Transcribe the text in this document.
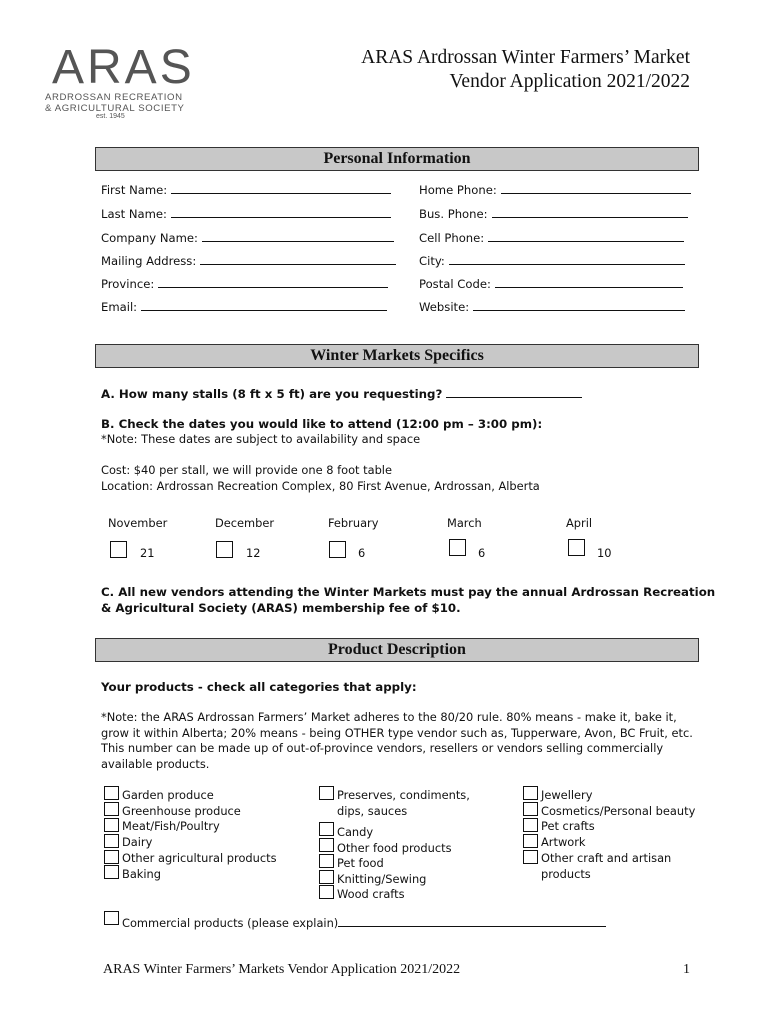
ARAS
ARDROSSAN RECREATION
& AGRICULTURAL SOCIETY
est. 1945
ARAS Ardrossan Winter Farmers’ Market
Vendor Application 2021/2022
Personal Information
First Name:
Last Name:
Company Name:
Mailing Address:
Province:
Email:
Home Phone:
Bus. Phone:
Cell Phone:
City:
Postal Code:
Website:
Winter Markets Specifics
A. How many stalls (8 ft x 5 ft) are you requesting?
B. Check the dates you would like to attend (12:00 pm – 3:00 pm):
*Note: These dates are subject to availability and space
Cost: $40 per stall, we will provide one 8 foot table
Location: Ardrossan Recreation Complex, 80 First Avenue, Ardrossan, Alberta
November	December	February	March	April
21	12	6	6	10
C. All new vendors attending the Winter Markets must pay the annual Ardrossan Recreation
& Agricultural Society (ARAS) membership fee of $10.
Product Description
Your products - check all categories that apply:
*Note: the ARAS Ardrossan Farmers’ Market adheres to the 80/20 rule. 80% means - make it, bake it,
grow it within Alberta; 20% means - being OTHER type vendor such as, Tupperware, Avon, BC Fruit, etc.
This number can be made up of out-of-province vendors, resellers or vendors selling commercially
available products.
Garden produce
Greenhouse produce
Meat/Fish/Poultry
Dairy
Other agricultural products
Baking
Preserves, condiments,
dips, sauces
Candy
Other food products
Pet food
Knitting/Sewing
Wood crafts
Jewellery
Cosmetics/Personal beauty
Pet crafts
Artwork
Other craft and artisan
products
Commercial products (please explain)
ARAS Winter Farmers’ Markets Vendor Application 2021/2022	1
